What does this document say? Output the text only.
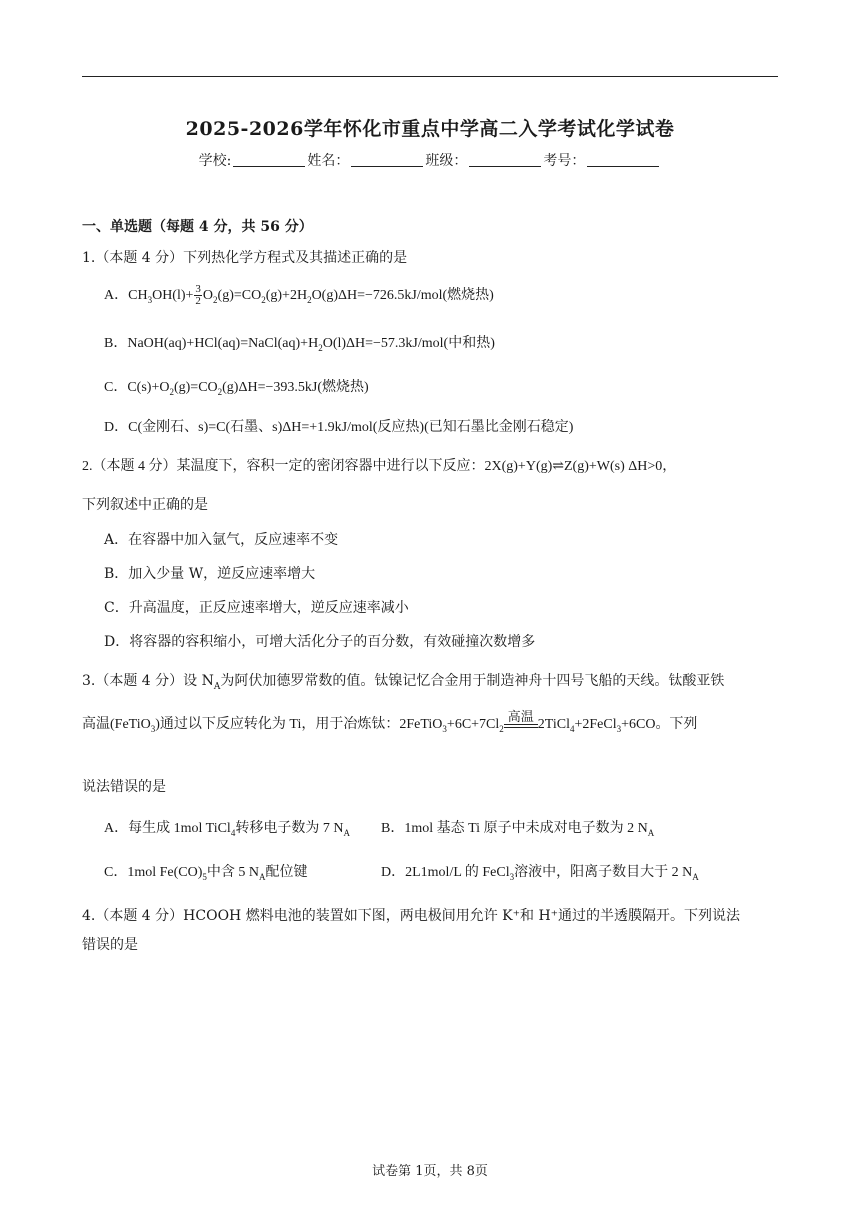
2025-2026学年怀化市重点中学高二入学考试化学试卷
学校:	姓名：	班级：	考号：
一、单选题（每题 4 分，共 56 分）
1.（本题 4 分）下列热化学方程式及其描述正确的是
A．$CH_3OH(l)+ \frac{3}{2} O_2(g)=CO_2(g)+2H_2O(g)\Delta H=-726.5kJ/mol$(燃烧热)
B．$NaOH(aq)+HCl(aq)=NaCl(aq)+H_2O(l)\Delta H=-57.3kJ/mol$(中和热)
C．$C(s)+O_2(g)=CO_2(g)\Delta H=-393.5kJ$(燃烧热)
D．C(金刚石、s)=C(石墨、s)ΔH=+1.9kJ/mol(反应热)(已知石墨比金刚石稳定)
2.（本题 4 分）某温度下，容积一定的密闭容器中进行以下反应：2X(g)+Y(g)⇌Z(g)+W(s) ΔH>0，
下列叙述中正确的是
A．在容器中加入氩气，反应速率不变
B．加入少量 W，逆反应速率增大
C．升高温度，正反应速率增大，逆反应速率减小
D．将容器的容积缩小，可增大活化分子的百分数，有效碰撞次数增多
3.（本题 4 分）设 $N_A$为阿伏加德罗常数的值。钛镍记忆合金用于制造神舟十四号飞船的天线。钛酸亚铁
高温(FeTiO$_3$)通过以下反应转化为 Ti，用于冶炼钛：$2FeTiO_3+6C+7Cl_2$
高温
2TiCl$_4$+2FeCl$_3$+6CO。下列
说法错误的是
A．每生成 1mol TiCl$_4$转移电子数为 7 $N_A$ B．1mol 基态 Ti 原子中未成对电子数为 2 $N_A$
C．1mol $Fe(CO)_5$中含 5 $N_A$配位键	D．2L1mol/L 的 FeCl$_3$溶液中，阳离子数目大于 2 $N_A$
4.（本题 4 分）HCOOH 燃料电池的装置如下图，两电极间用允许 K⁺和 H⁺通过的半透膜隔开。下列说法
错误的是
试卷第 1页，共 8页
